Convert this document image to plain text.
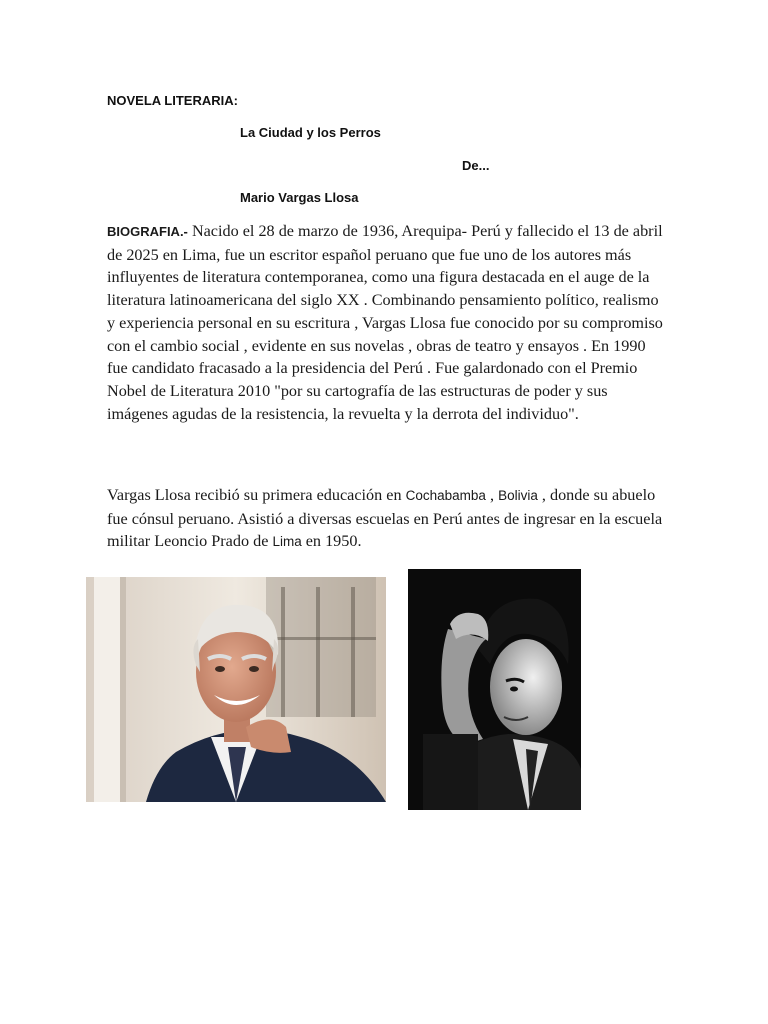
NOVELA LITERARIA:
La Ciudad y los Perros
De...
Mario Vargas Llosa

BIOGRAFIA.- Nacido el 28 de marzo de 1936, Arequipa- Perú y fallecido el 13 de abril de 2025 en Lima, fue un escritor español peruano que fue uno de los autores más influyentes de literatura contemporanea, como una figura destacada en el auge de la literatura latinoamericana del siglo XX . Combinando pensamiento político, realismo y experiencia personal en su escritura , Vargas Llosa fue conocido por su compromiso con el cambio social , evidente en sus novelas , obras de teatro y ensayos . En 1990 fue candidato fracasado a la presidencia del Perú . Fue galardonado con el Premio Nobel de Literatura 2010 "por su cartografía de las estructuras de poder y sus imágenes agudas de la resistencia, la revuelta y la derrota del individuo".

Vargas Llosa recibió su primera educación en Cochabamba , Bolivia , donde su abuelo fue cónsul peruano. Asistió a diversas escuelas en Perú antes de ingresar en la escuela militar Leoncio Prado de Lima en 1950.
